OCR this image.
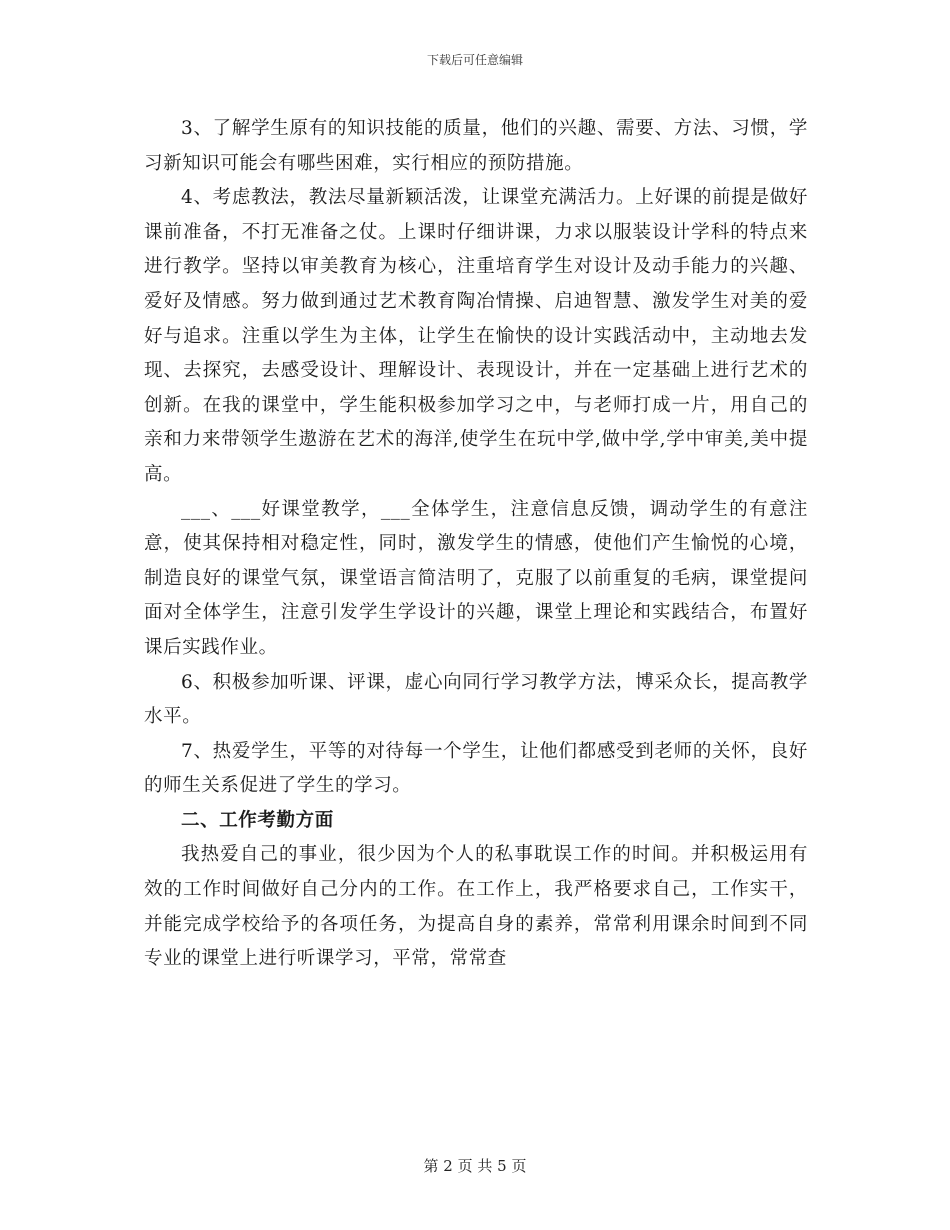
下载后可任意编辑

3、了解学生原有的知识技能的质量，他们的兴趣、需要、方法、习惯，学习新知识可能会有哪些困难，实行相应的预防措施。

4、考虑教法，教法尽量新颖活泼，让课堂充满活力。上好课的前提是做好课前准备，不打无准备之仗。上课时仔细讲课，力求以服装设计学科的特点来进行教学。坚持以审美教育为核心，注重培育学生对设计及动手能力的兴趣、爱好及情感。努力做到通过艺术教育陶冶情操、启迪智慧、激发学生对美的爱好与追求。注重以学生为主体，让学生在愉快的设计实践活动中，主动地去发现、去探究，去感受设计、理解设计、表现设计，并在一定基础上进行艺术的创新。在我的课堂中，学生能积极参加学习之中，与老师打成一片，用自己的亲和力来带领学生遨游在艺术的海洋,使学生在玩中学,做中学,学中审美,美中提高。

___、___好课堂教学，___全体学生，注意信息反馈，调动学生的有意注意，使其保持相对稳定性，同时，激发学生的情感，使他们产生愉悦的心境，制造良好的课堂气氛，课堂语言简洁明了，克服了以前重复的毛病，课堂提问面对全体学生，注意引发学生学设计的兴趣，课堂上理论和实践结合，布置好课后实践作业。

6、积极参加听课、评课，虚心向同行学习教学方法，博采众长，提高教学水平。

7、热爱学生，平等的对待每一个学生，让他们都感受到老师的关怀，良好的师生关系促进了学生的学习。

二、工作考勤方面

我热爱自己的事业，很少因为个人的私事耽误工作的时间。并积极运用有效的工作时间做好自己分内的工作。在工作上，我严格要求自己，工作实干，并能完成学校给予的各项任务，为提高自身的素养，常常利用课余时间到不同专业的课堂上进行听课学习，平常，常常查

第 2 页 共 5 页
